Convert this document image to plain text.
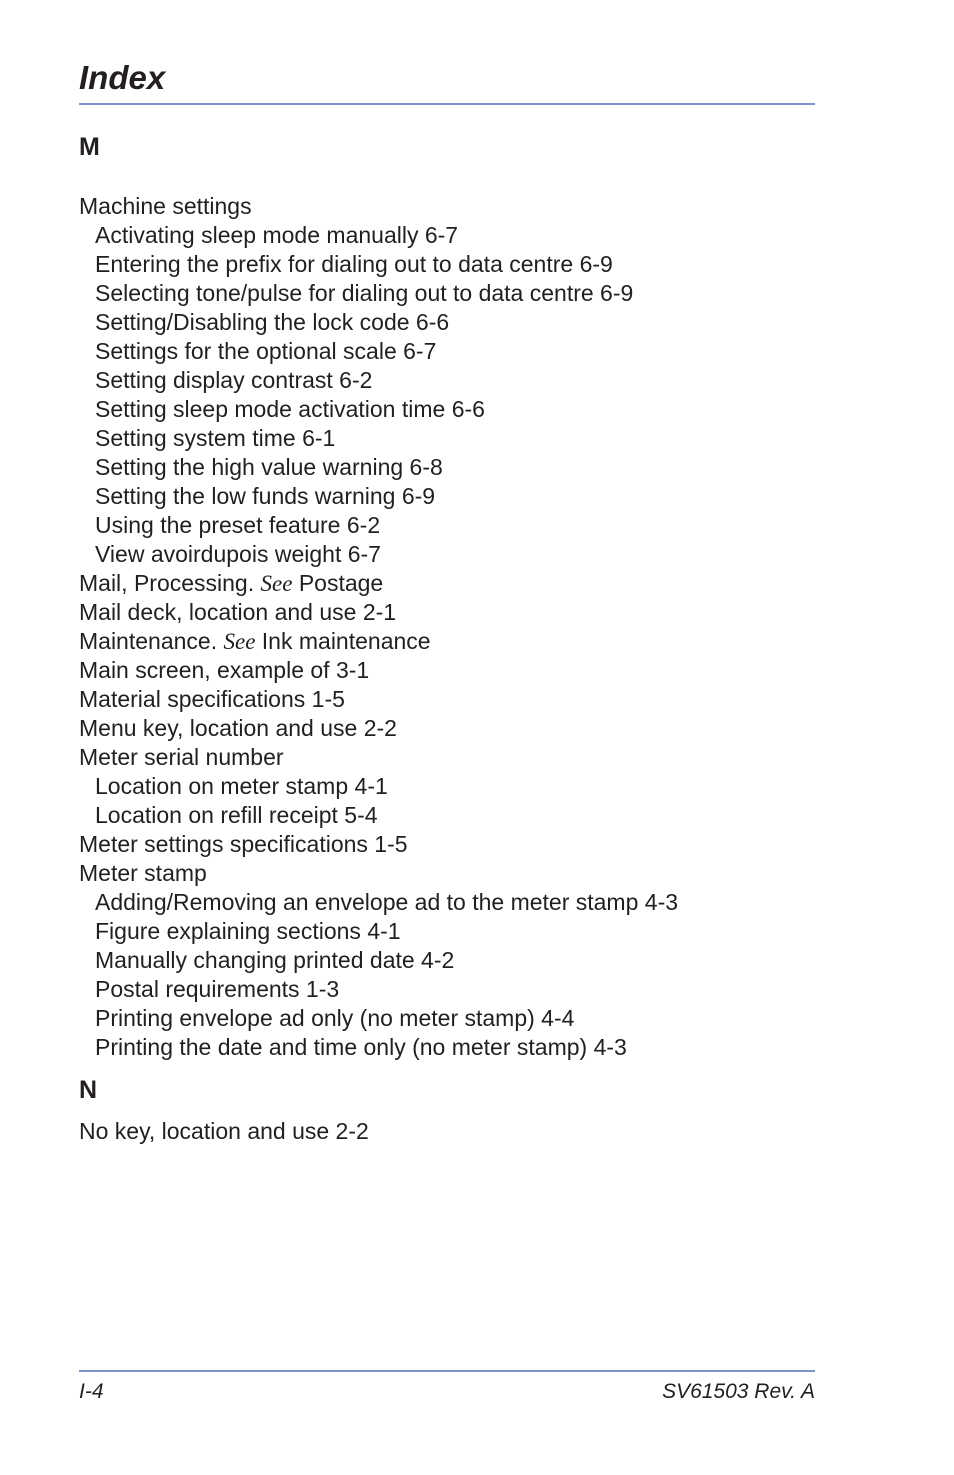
Index
M
Machine settings
Activating sleep mode manually 6-7
Entering the prefix for dialing out to data centre 6-9
Selecting tone/pulse for dialing out to data centre 6-9
Setting/Disabling the lock code 6-6
Settings for the optional scale 6-7
Setting display contrast 6-2
Setting sleep mode activation time 6-6
Setting system time 6-1
Setting the high value warning 6-8
Setting the low funds warning 6-9
Using the preset feature 6-2
View avoirdupois weight 6-7
Mail, Processing. See Postage
Mail deck, location and use 2-1
Maintenance. See Ink maintenance
Main screen, example of 3-1
Material specifications 1-5
Menu key, location and use 2-2
Meter serial number
Location on meter stamp 4-1
Location on refill receipt 5-4
Meter settings specifications 1-5
Meter stamp
Adding/Removing an envelope ad to the meter stamp 4-3
Figure explaining sections 4-1
Manually changing printed date 4-2
Postal requirements 1-3
Printing envelope ad only (no meter stamp) 4-4
Printing the date and time only (no meter stamp) 4-3
N
No key, location and use 2-2
I-4	SV61503 Rev. A
